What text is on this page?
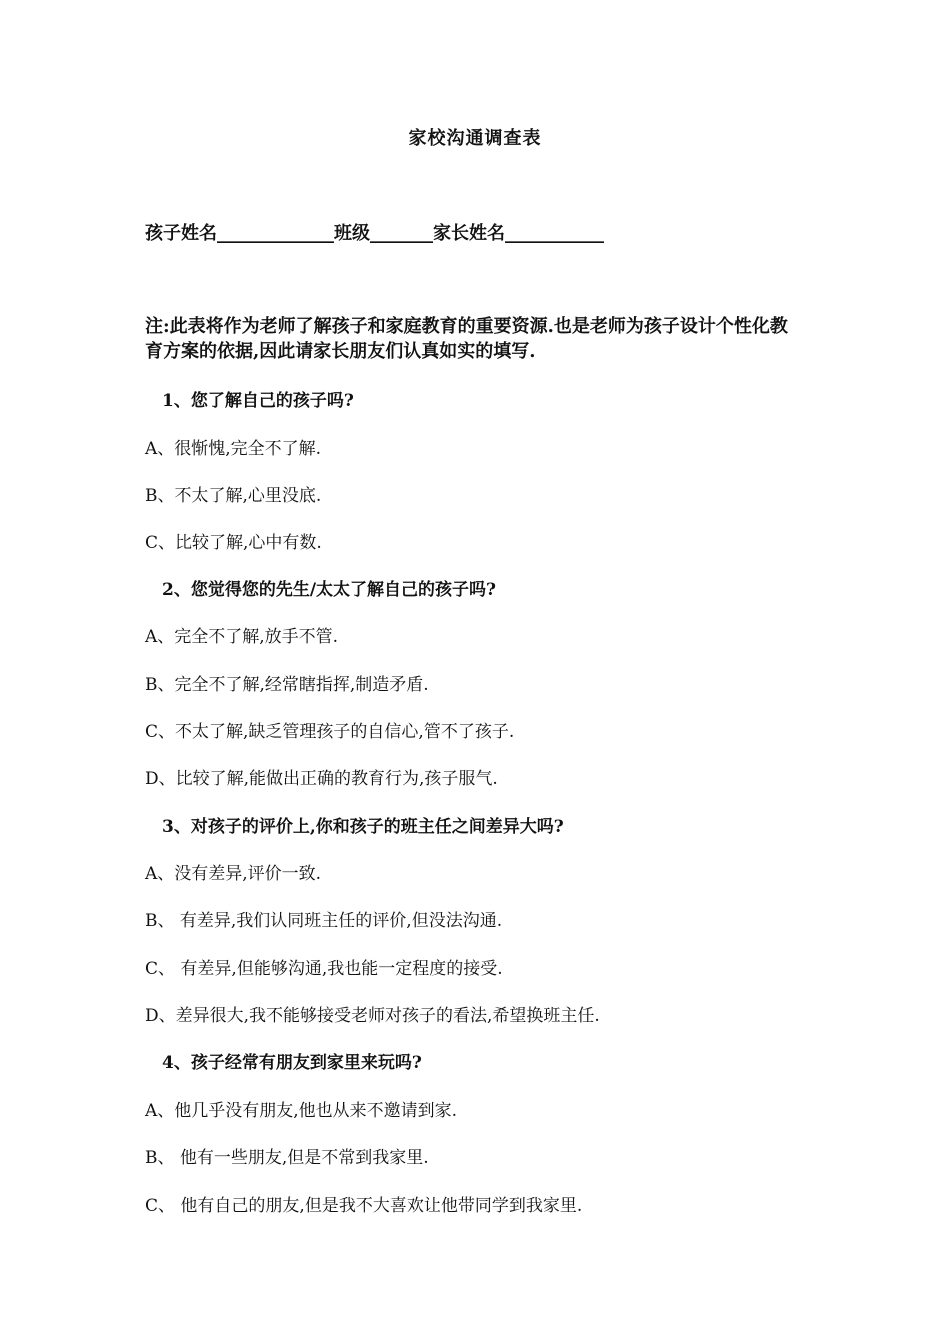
家校沟通调查表
孩子姓名_____________班级_______家长姓名___________
注:此表将作为老师了解孩子和家庭教育的重要资源.也是老师为孩子设计个性化教育方案的依据,因此请家长朋友们认真如实的填写.
1、您了解自己的孩子吗?
A、很惭愧,完全不了解.
B、不太了解,心里没底.
C、比较了解,心中有数.
2、您觉得您的先生/太太了解自己的孩子吗?
A、完全不了解,放手不管.
B、完全不了解,经常瞎指挥,制造矛盾.
C、不太了解,缺乏管理孩子的自信心,管不了孩子.
D、比较了解,能做出正确的教育行为,孩子服气.
3、对孩子的评价上,你和孩子的班主任之间差异大吗?
A、没有差异,评价一致.
B、 有差异,我们认同班主任的评价,但没法沟通.
C、 有差异,但能够沟通,我也能一定程度的接受.
D、差异很大,我不能够接受老师对孩子的看法,希望换班主任.
4、孩子经常有朋友到家里来玩吗?
A、他几乎没有朋友,他也从来不邀请到家.
B、 他有一些朋友,但是不常到我家里.
C、 他有自己的朋友,但是我不大喜欢让他带同学到我家里.
